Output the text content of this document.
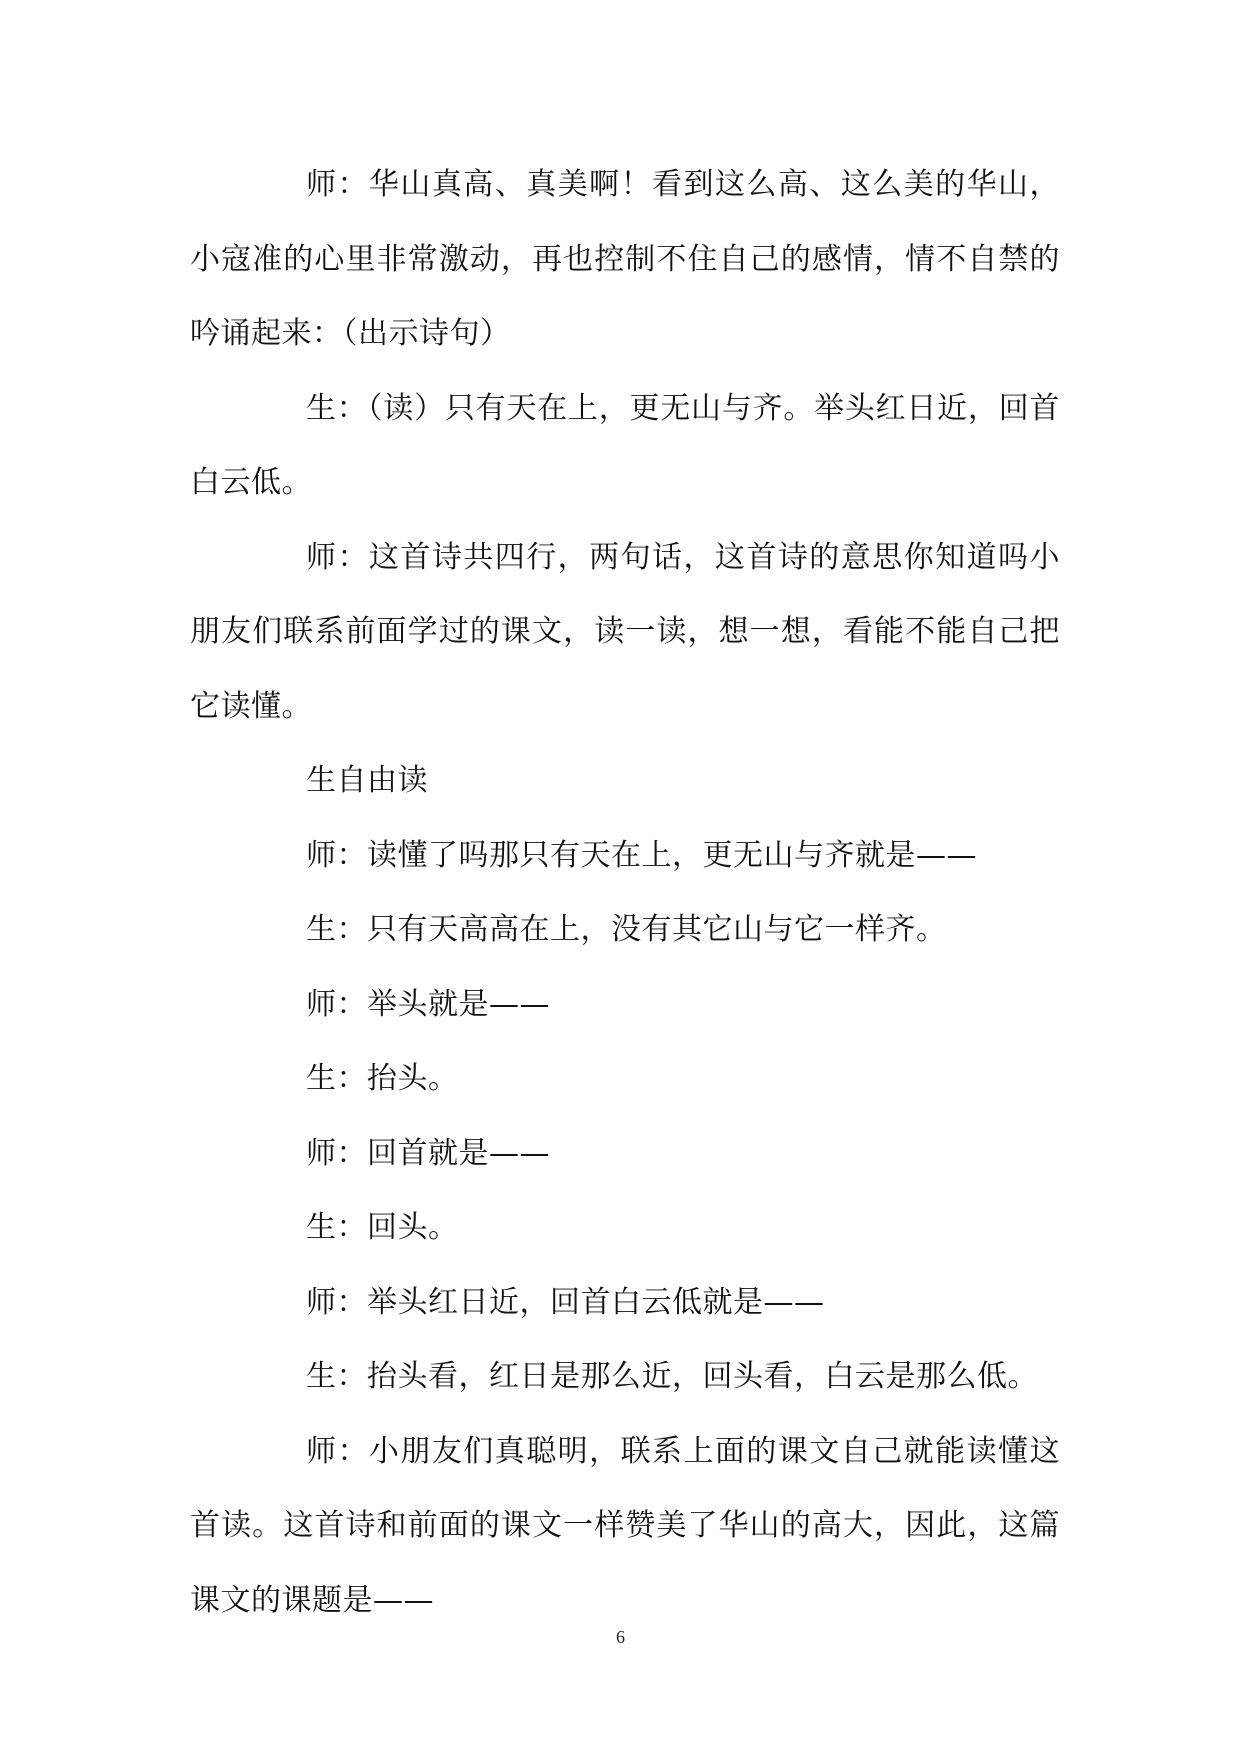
师：华山真高、真美啊！看到这么高、这么美的华山，小寇准的心里非常激动，再也控制不住自己的感情，情不自禁的吟诵起来：（出示诗句）

生：（读）只有天在上，更无山与齐。举头红日近，回首白云低。

师：这首诗共四行，两句话，这首诗的意思你知道吗小朋友们联系前面学过的课文，读一读，想一想，看能不能自己把它读懂。

生自由读

师：读懂了吗那只有天在上，更无山与齐就是——

生：只有天高高在上，没有其它山与它一样齐。

师：举头就是——

生：抬头。

师：回首就是——

生：回头。

师：举头红日近，回首白云低就是——

生：抬头看，红日是那么近，回头看，白云是那么低。

师：小朋友们真聪明，联系上面的课文自己就能读懂这首读。这首诗和前面的课文一样赞美了华山的高大，因此，这篇课文的课题是——

6
